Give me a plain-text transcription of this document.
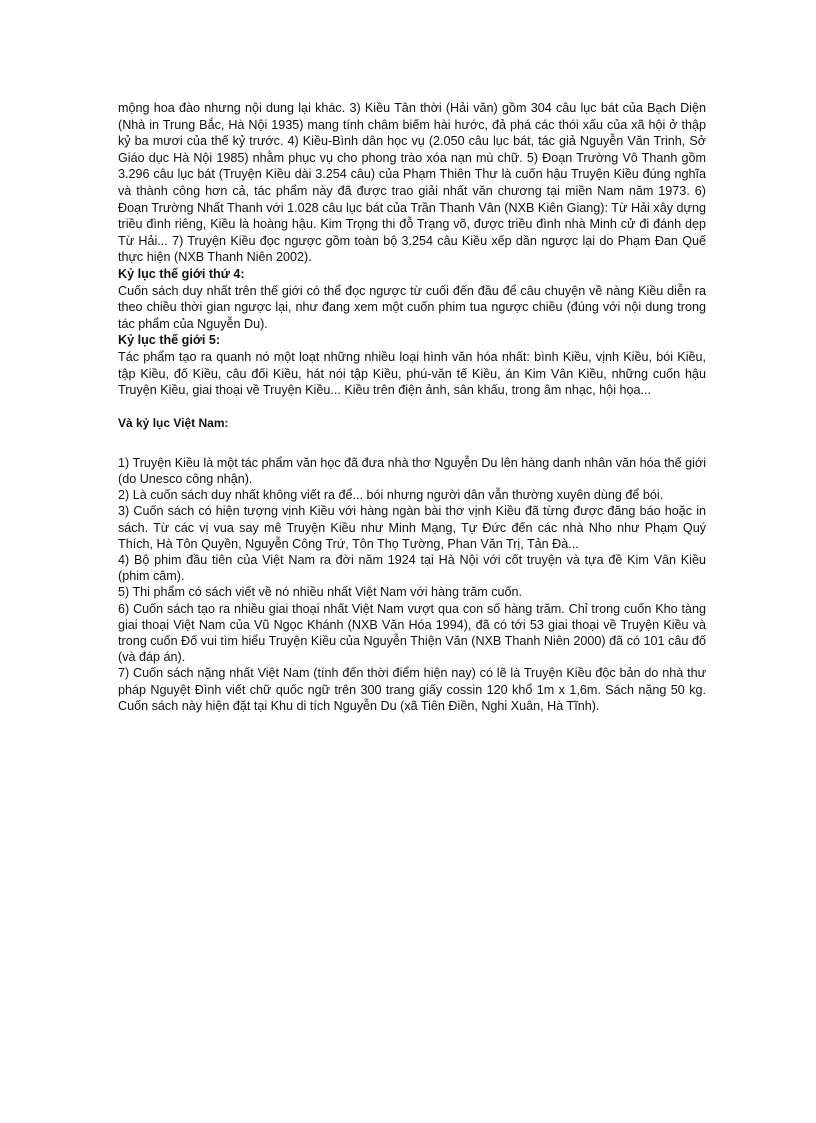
mộng hoa đào nhưng nội dung lại khác. 3) Kiều Tân thời (Hải văn) gồm 304 câu lục bát của Bạch Diện (Nhà in Trung Bắc, Hà Nội 1935) mang tính châm biếm hài hước, đả phá các thói xấu của xã hội ở thập kỷ ba mươi của thế kỷ trước. 4) Kiều-Bình dân học vụ (2.050 câu lục bát, tác giả Nguyễn Văn Trinh, Sở Giáo dục Hà Nội 1985) nhằm phục vụ cho phong trào xóa nạn mù chữ. 5) Đoạn Trường Vô Thanh gồm 3.296 câu lục bát (Truyện Kiều dài 3.254 câu) của Phạm Thiên Thư là cuốn hậu Truyện Kiều đúng nghĩa và thành công hơn cả, tác phẩm này đã được trao giải nhất văn chương tại miền Nam năm 1973. 6) Đoạn Trường Nhất Thanh với 1.028 câu lục bát của Trần Thanh Vân (NXB Kiên Giang): Từ Hải xây dựng triều đình riêng, Kiều là hoàng hậu. Kim Trọng thi đỗ Trạng võ, được triều đình nhà Minh cử đi đánh dẹp Từ Hải... 7) Truyện Kiều đọc ngược gồm toàn bộ 3.254 câu Kiều xếp dần ngược lại do Phạm Đan Quế thực hiện (NXB Thanh Niên 2002).

Kỷ lục thế giới thứ 4:

Cuốn sách duy nhất trên thế giới có thể đọc ngược từ cuối đến đầu để câu chuyện về nàng Kiều diễn ra theo chiều thời gian ngược lại, như đang xem một cuốn phim tua ngược chiều (đúng với nội dung trong tác phẩm của Nguyễn Du).

Kỷ lục thế giới 5:

Tác phẩm tạo ra quanh nó một loạt những nhiều loại hình văn hóa nhất: bình Kiều, vịnh Kiều, bói Kiều, tập Kiều, đố Kiều, câu đối Kiều, hát nói tập Kiều, phú-văn tế Kiều, án Kim Vân Kiều, những cuốn hậu Truyện Kiều, giai thoại về Truyện Kiều... Kiều trên điện ảnh, sân khấu, trong âm nhạc, hội họa...

Và kỷ lục Việt Nam:

1) Truyện Kiều là một tác phẩm văn học đã đưa nhà thơ Nguyễn Du lên hàng danh nhân văn hóa thế giới (do Unesco công nhận).

2) Là cuốn sách duy nhất không viết ra để... bói nhưng người dân vẫn thường xuyên dùng để bói.

3) Cuốn sách có hiện tượng vịnh Kiều với hàng ngàn bài thơ vịnh Kiều đã từng được đăng báo hoặc in sách. Từ các vị vua say mê Truyện Kiều như Minh Mạng, Tự Đức đến các nhà Nho như Phạm Quý Thích, Hà Tôn Quyền, Nguyễn Công Trứ, Tôn Thọ Tường, Phan Văn Trị, Tản Đà...

4) Bộ phim đầu tiên của Việt Nam ra đời năm 1924 tại Hà Nội với cốt truyện và tựa đề Kim Vân Kiều (phim câm).

5) Thi phẩm có sách viết về nó nhiều nhất Việt Nam với hàng trăm cuốn.

6) Cuốn sách tạo ra nhiều giai thoại nhất Việt Nam vượt qua con số hàng trăm. Chỉ trong cuốn Kho tàng giai thoại Việt Nam của Vũ Ngọc Khánh (NXB Văn Hóa 1994), đã có tới 53 giai thoại về Truyện Kiều và trong cuốn Đố vui tìm hiểu Truyện Kiều của Nguyễn Thiện Văn (NXB Thanh Niên 2000) đã có 101 câu đố (và đáp án).

7) Cuốn sách nặng nhất Việt Nam (tính đến thời điểm hiện nay) có lẽ là Truyện Kiều độc bản do nhà thư pháp Nguyệt Đình viết chữ quốc ngữ trên 300 trang giấy cossin 120 khổ 1m x 1,6m. Sách nặng 50 kg. Cuốn sách này hiện đặt tại Khu di tích Nguyễn Du (xã Tiên Điền, Nghi Xuân, Hà Tĩnh).
